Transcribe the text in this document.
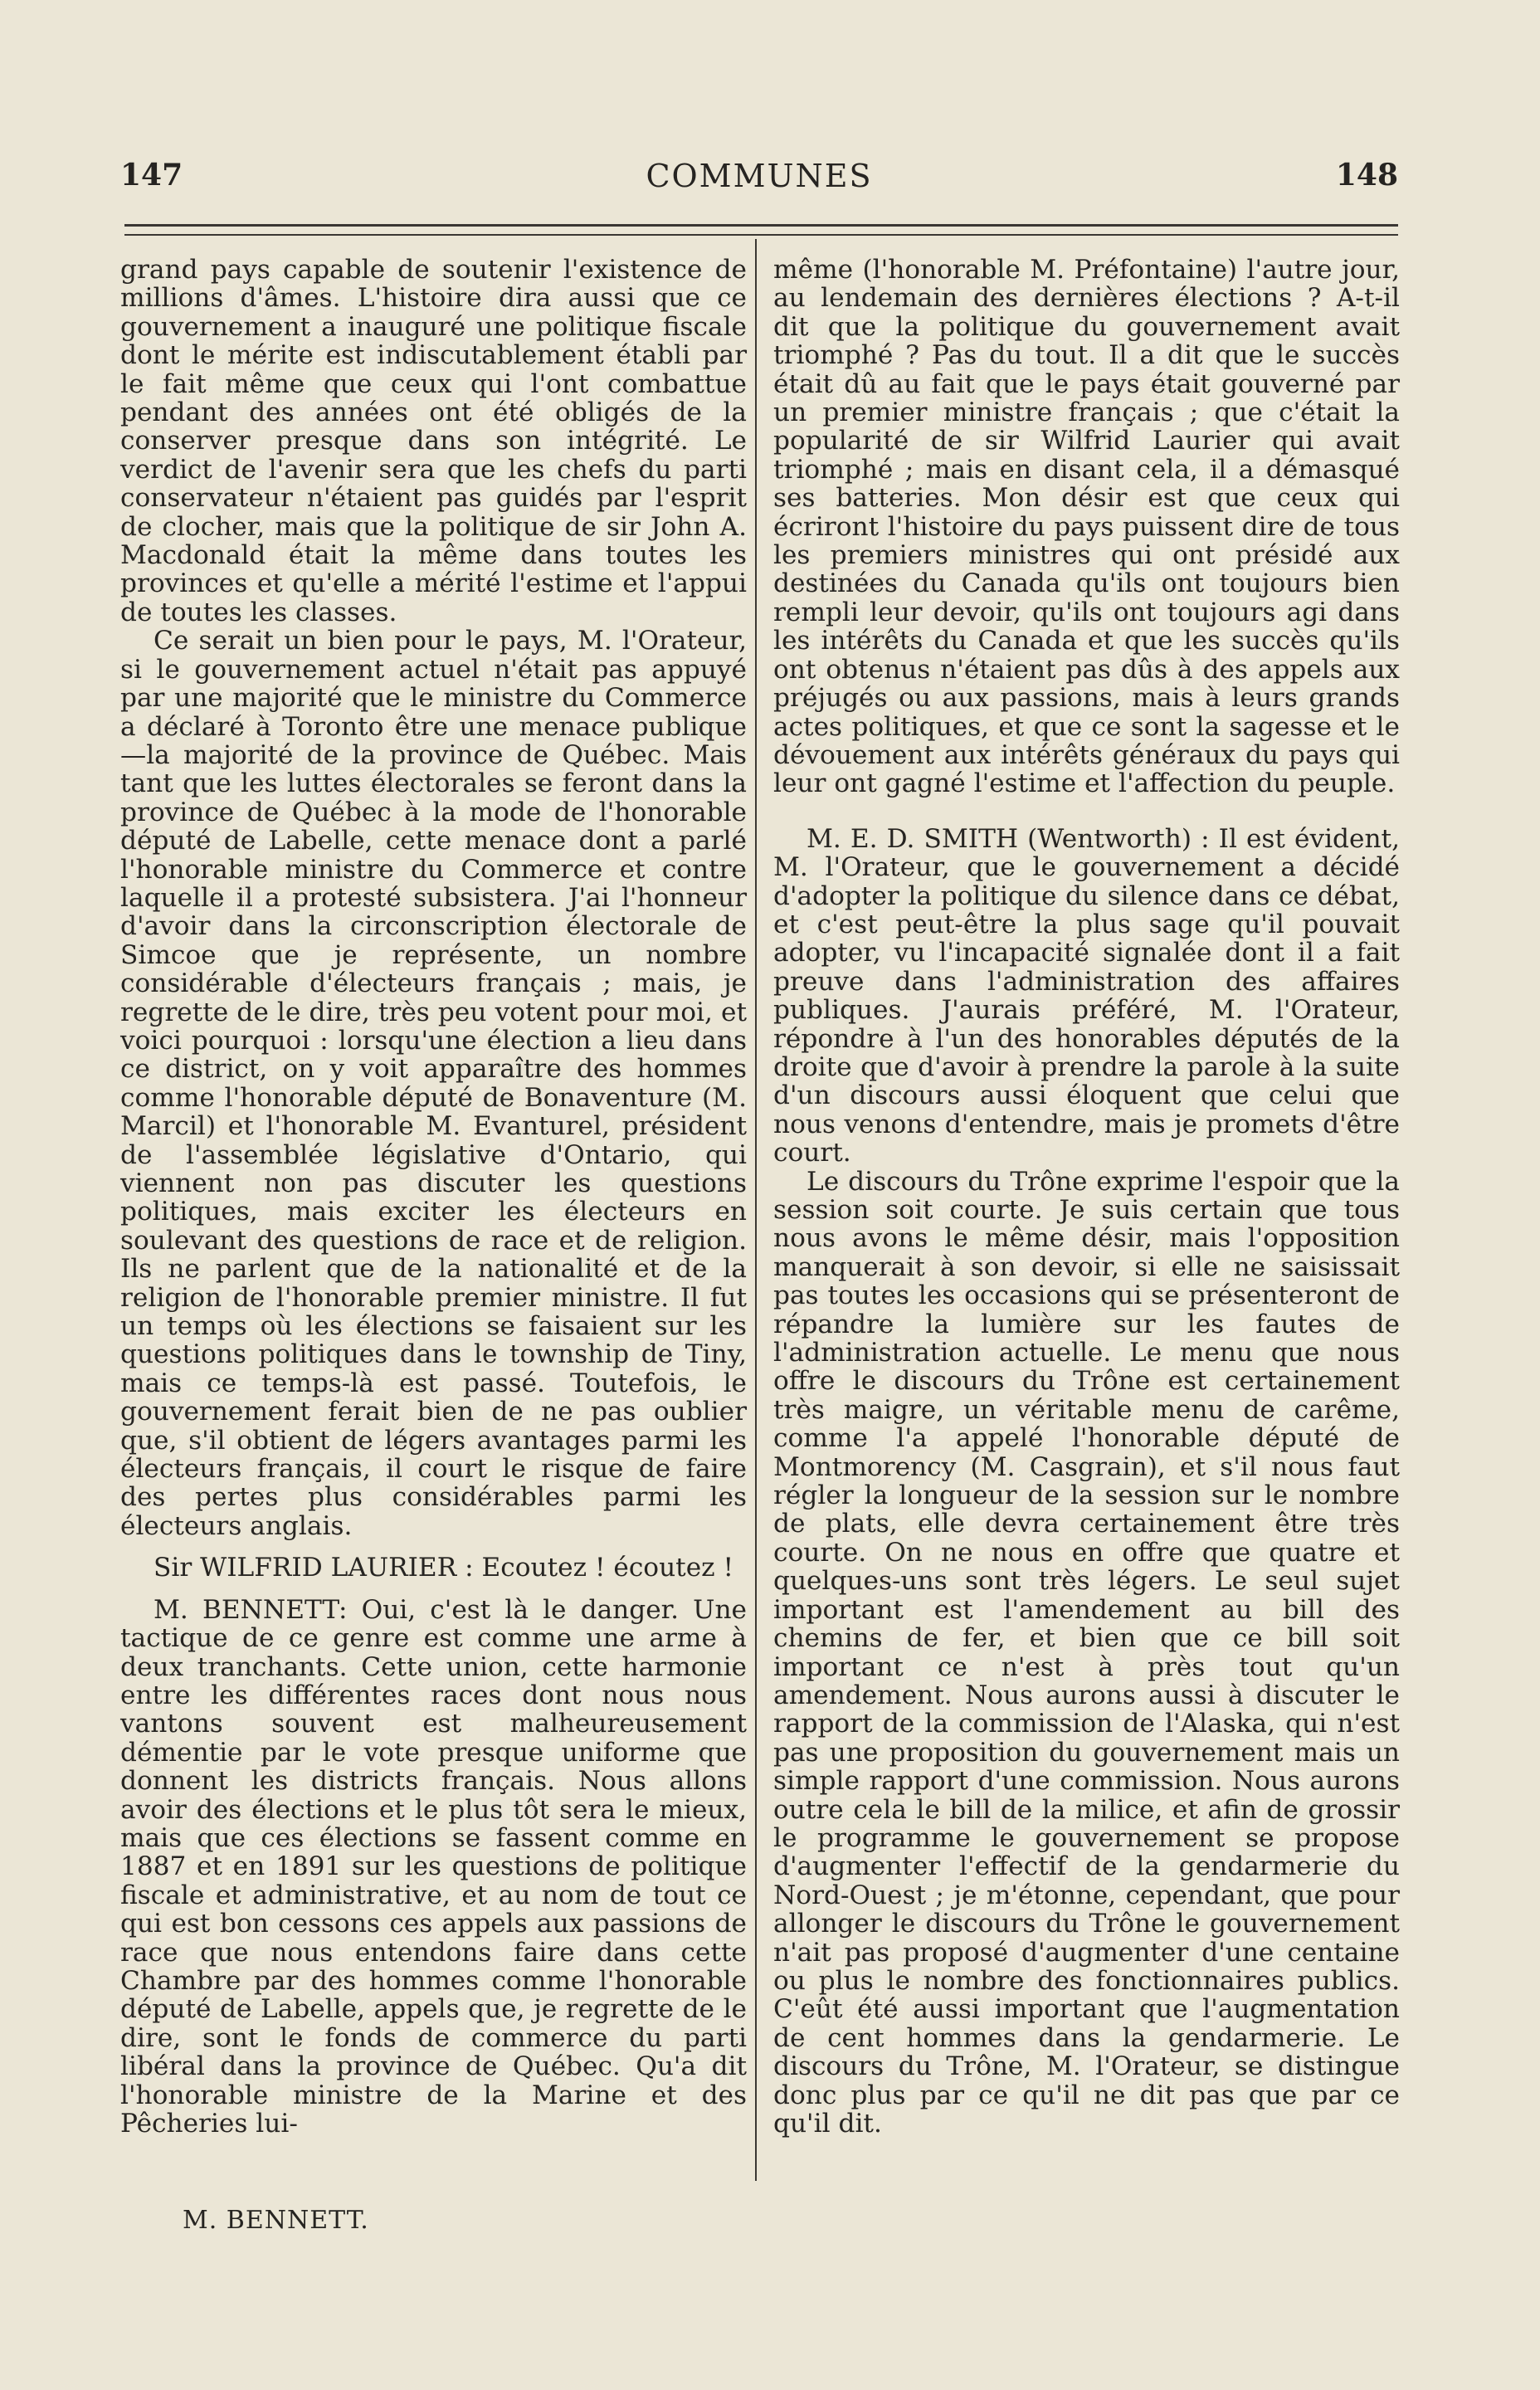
147	COMMUNES	148

grand pays capable de soutenir l'existence de millions d'âmes. L'histoire dira aussi que ce gouvernement a inauguré une politique fiscale dont le mérite est indiscutablement établi par le fait même que ceux qui l'ont combattue pendant des années ont été obligés de la conserver presque dans son intégrité. Le verdict de l'avenir sera que les chefs du parti conservateur n'étaient pas guidés par l'esprit de clocher, mais que la politique de sir John A. Macdonald était la même dans toutes les provinces et qu'elle a mérité l'estime et l'appui de toutes les classes.

Ce serait un bien pour le pays, M. l'Orateur, si le gouvernement actuel n'était pas appuyé par une majorité que le ministre du Commerce a déclaré à Toronto être une menace publique—la majorité de la province de Québec. Mais tant que les luttes électorales se feront dans la province de Québec à la mode de l'honorable député de Labelle, cette menace dont a parlé l'honorable ministre du Commerce et contre laquelle il a protesté subsistera. J'ai l'honneur d'avoir dans la circonscription électorale de Simcoe que je représente, un nombre considérable d'électeurs français ; mais, je regrette de le dire, très peu votent pour moi, et voici pourquoi : lorsqu'une élection a lieu dans ce district, on y voit apparaître des hommes comme l'honorable député de Bonaventure (M. Marcil) et l'honorable M. Evanturel, président de l'assemblée législative d'Ontario, qui viennent non pas discuter les questions politiques, mais exciter les électeurs en soulevant des questions de race et de religion. Ils ne parlent que de la nationalité et de la religion de l'honorable premier ministre. Il fut un temps où les élections se faisaient sur les questions politiques dans le township de Tiny, mais ce temps-là est passé. Toutefois, le gouvernement ferait bien de ne pas oublier que, s'il obtient de légers avantages parmi les électeurs français, il court le risque de faire des pertes plus considérables parmi les électeurs anglais.

Sir WILFRID LAURIER : Ecoutez ! écoutez !

M. BENNETT: Oui, c'est là le danger. Une tactique de ce genre est comme une arme à deux tranchants. Cette union, cette harmonie entre les différentes races dont nous nous vantons souvent est malheureusement démentie par le vote presque uniforme que donnent les districts français. Nous allons avoir des élections et le plus tôt sera le mieux, mais que ces élections se fassent comme en 1887 et en 1891 sur les questions de politique fiscale et administrative, et au nom de tout ce qui est bon cessons ces appels aux passions de race que nous entendons faire dans cette Chambre par des hommes comme l'honorable député de Labelle, appels que, je regrette de le dire, sont le fonds de commerce du parti libéral dans la province de Québec. Qu'a dit l'honorable ministre de la Marine et des Pêcheries lui-

même (l'honorable M. Préfontaine) l'autre jour, au lendemain des dernières élections ? A-t-il dit que la politique du gouvernement avait triomphé ? Pas du tout. Il a dit que le succès était dû au fait que le pays était gouverné par un premier ministre français ; que c'était la popularité de sir Wilfrid Laurier qui avait triomphé ; mais en disant cela, il a démasqué ses batteries. Mon désir est que ceux qui écriront l'histoire du pays puissent dire de tous les premiers ministres qui ont présidé aux destinées du Canada qu'ils ont toujours bien rempli leur devoir, qu'ils ont toujours agi dans les intérêts du Canada et que les succès qu'ils ont obtenus n'étaient pas dûs à des appels aux préjugés ou aux passions, mais à leurs grands actes politiques, et que ce sont la sagesse et le dévouement aux intérêts généraux du pays qui leur ont gagné l'estime et l'affection du peuple.

M. E. D. SMITH (Wentworth) : Il est évident, M. l'Orateur, que le gouvernement a décidé d'adopter la politique du silence dans ce débat, et c'est peut-être la plus sage qu'il pouvait adopter, vu l'incapacité signalée dont il a fait preuve dans l'administration des affaires publiques. J'aurais préféré, M. l'Orateur, répondre à l'un des honorables députés de la droite que d'avoir à prendre la parole à la suite d'un discours aussi éloquent que celui que nous venons d'entendre, mais je promets d'être court.

Le discours du Trône exprime l'espoir que la session soit courte. Je suis certain que tous nous avons le même désir, mais l'opposition manquerait à son devoir, si elle ne saisissait pas toutes les occasions qui se présenteront de répandre la lumière sur les fautes de l'administration actuelle. Le menu que nous offre le discours du Trône est certainement très maigre, un véritable menu de carême, comme l'a appelé l'honorable député de Montmorency (M. Casgrain), et s'il nous faut régler la longueur de la session sur le nombre de plats, elle devra certainement être très courte. On ne nous en offre que quatre et quelques-uns sont très légers. Le seul sujet important est l'amendement au bill des chemins de fer, et bien que ce bill soit important ce n'est à près tout qu'un amendement. Nous aurons aussi à discuter le rapport de la commission de l'Alaska, qui n'est pas une proposition du gouvernement mais un simple rapport d'une commission. Nous aurons outre cela le bill de la milice, et afin de grossir le programme le gouvernement se propose d'augmenter l'effectif de la gendarmerie du Nord-Ouest ; je m'étonne, cependant, que pour allonger le discours du Trône le gouvernement n'ait pas proposé d'augmenter d'une centaine ou plus le nombre des fonctionnaires publics. C'eût été aussi important que l'augmentation de cent hommes dans la gendarmerie. Le discours du Trône, M. l'Orateur, se distingue donc plus par ce qu'il ne dit pas que par ce qu'il dit.

M. BENNETT.
